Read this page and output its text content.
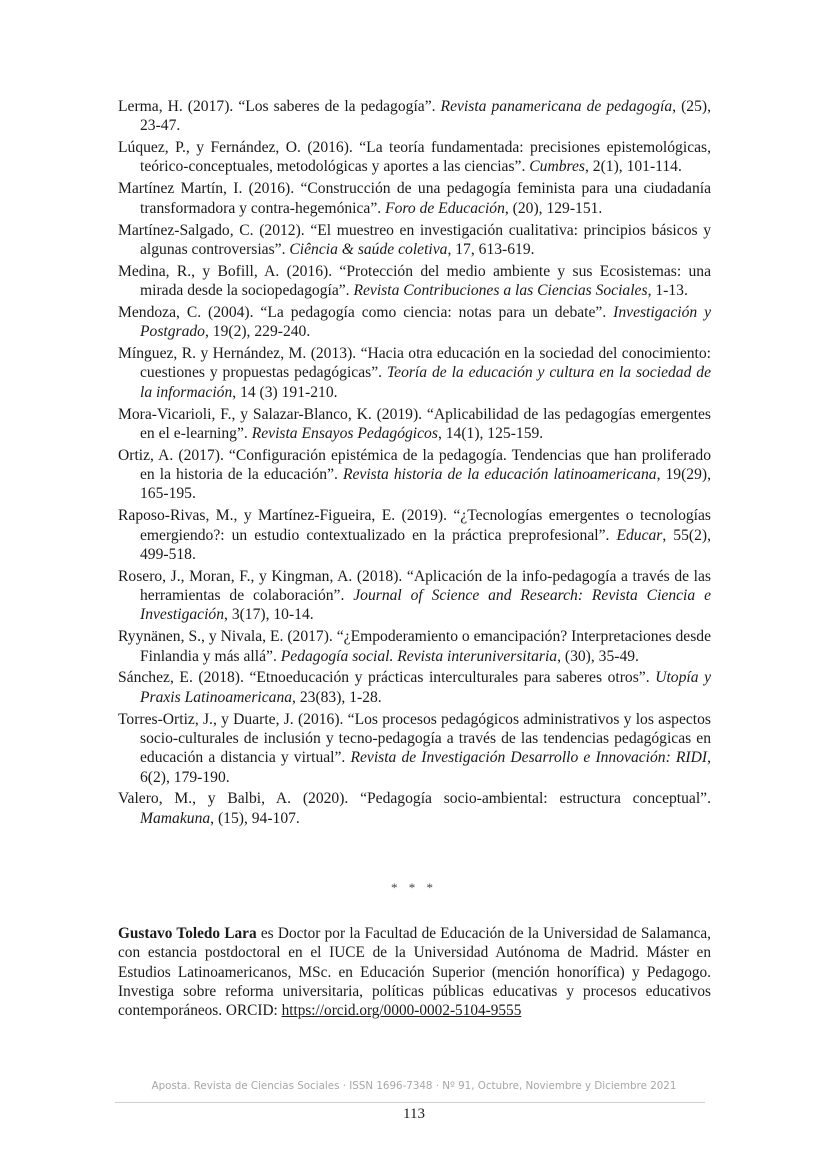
Lerma, H. (2017). “Los saberes de la pedagogía”. Revista panamericana de pedagogía, (25), 23-47.
Lúquez, P., y Fernández, O. (2016). “La teoría fundamentada: precisiones epistemológicas, teórico-conceptuales, metodológicas y aportes a las ciencias”. Cumbres, 2(1), 101-114.
Martínez Martín, I. (2016). “Construcción de una pedagogía feminista para una ciudadanía transformadora y contra-hegemónica”. Foro de Educación, (20), 129-151.
Martínez-Salgado, C. (2012). “El muestreo en investigación cualitativa: principios básicos y algunas controversias”. Ciência & saúde coletiva, 17, 613-619.
Medina, R., y Bofill, A. (2016). “Protección del medio ambiente y sus Ecosistemas: una mirada desde la sociopedagogía”. Revista Contribuciones a las Ciencias Sociales, 1-13.
Mendoza, C. (2004). “La pedagogía como ciencia: notas para un debate”. Investigación y Postgrado, 19(2), 229-240.
Mínguez, R. y Hernández, M. (2013). “Hacia otra educación en la sociedad del conocimiento: cuestiones y propuestas pedagógicas”. Teoría de la educación y cultura en la sociedad de la información, 14 (3) 191-210.
Mora-Vicarioli, F., y Salazar-Blanco, K. (2019). “Aplicabilidad de las pedagogías emergentes en el e-learning”. Revista Ensayos Pedagógicos, 14(1), 125-159.
Ortiz, A. (2017). “Configuración epistémica de la pedagogía. Tendencias que han proliferado en la historia de la educación”. Revista historia de la educación latinoamericana, 19(29), 165-195.
Raposo-Rivas, M., y Martínez-Figueira, E. (2019). “¿Tecnologías emergentes o tecnologías emergiendo?: un estudio contextualizado en la práctica preprofesional”. Educar, 55(2), 499-518.
Rosero, J., Moran, F., y Kingman, A. (2018). “Aplicación de la info-pedagogía a través de las herramientas de colaboración”. Journal of Science and Research: Revista Ciencia e Investigación, 3(17), 10-14.
Ryynänen, S., y Nivala, E. (2017). “¿Empoderamiento o emancipación? Interpretaciones desde Finlandia y más allá”. Pedagogía social. Revista interuniversitaria, (30), 35-49.
Sánchez, E. (2018). “Etnoeducación y prácticas interculturales para saberes otros”. Utopía y Praxis Latinoamericana, 23(83), 1-28.
Torres-Ortiz, J., y Duarte, J. (2016). “Los procesos pedagógicos administrativos y los aspectos socio-culturales de inclusión y tecno-pedagogía a través de las tendencias pedagógicas en educación a distancia y virtual”. Revista de Investigación Desarrollo e Innovación: RIDI, 6(2), 179-190.
Valero, M., y Balbi, A. (2020). “Pedagogía socio-ambiental: estructura conceptual”. Mamakuna, (15), 94-107.
* * *

Gustavo Toledo Lara es Doctor por la Facultad de Educación de la Universidad de Salamanca, con estancia postdoctoral en el IUCE de la Universidad Autónoma de Madrid. Máster en Estudios Latinoamericanos, MSc. en Educación Superior (mención honorífica) y Pedagogo. Investiga sobre reforma universitaria, políticas públicas educativas y procesos educativos contemporáneos. ORCID: https://orcid.org/0000-0002-5104-9555

Aposta. Revista de Ciencias Sociales · ISSN 1696-7348 · Nº 91, Octubre, Noviembre y Diciembre 2021
113
